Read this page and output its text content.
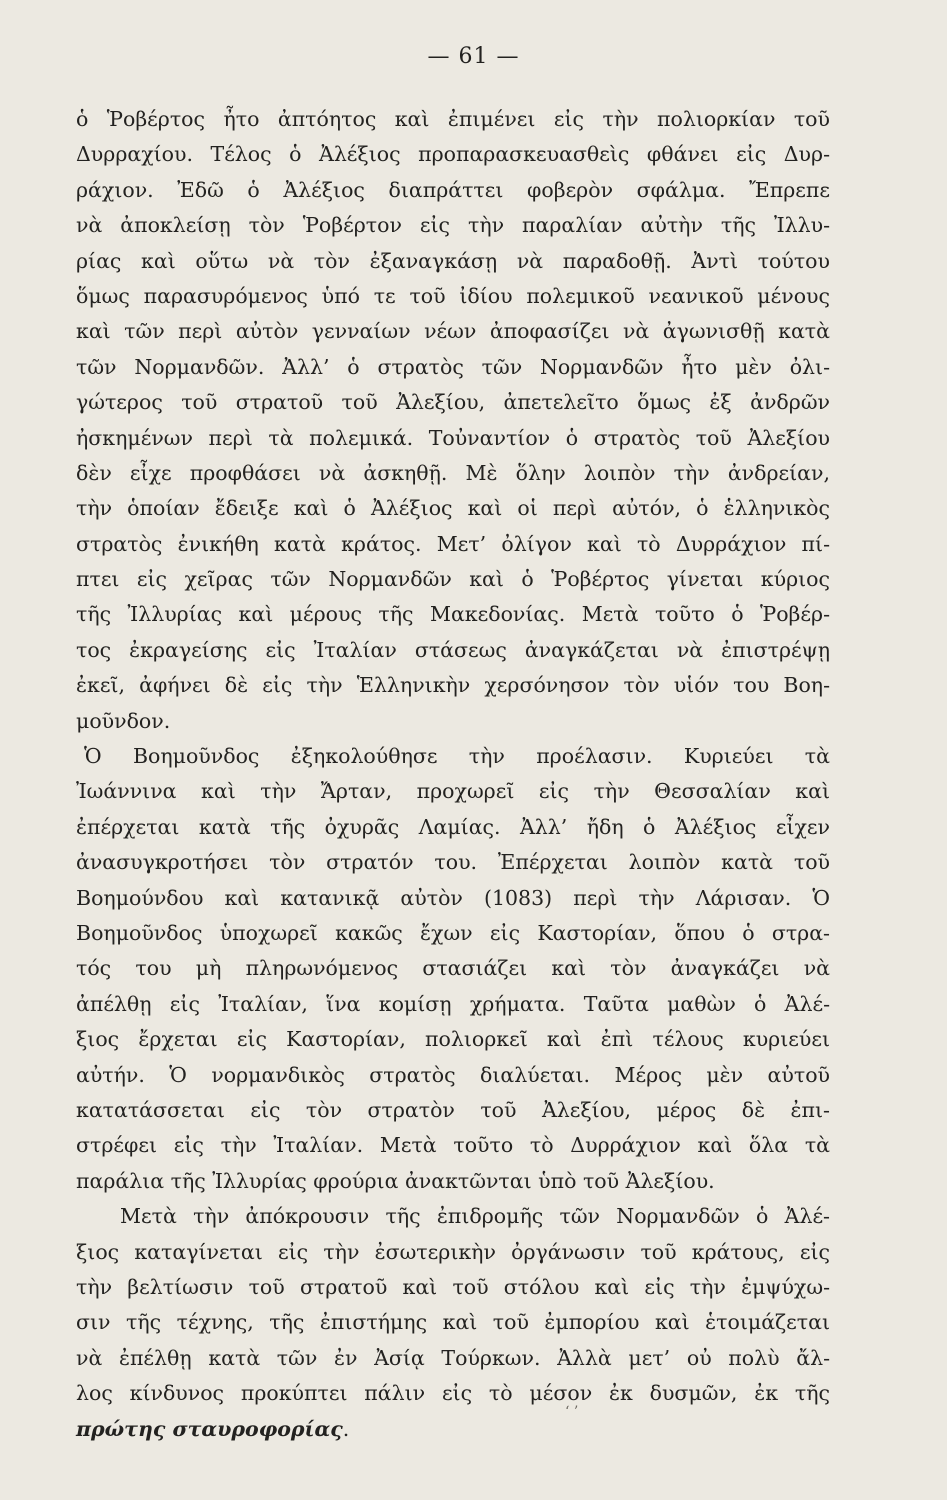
— 61 —
ὁ Ῥοβέρτος ἦτο ἀπτόητος καὶ ἐπιμένει εἰς τὴν πολιορκίαν τοῦ
Δυρραχίου. Τέλος ὁ Ἀλέξιος προπαρασκευασθεὶς φθάνει εἰς Δυρ-
ράχιον. Ἐδῶ ὁ Ἀλέξιος διαπράττει φοβερὸν σφάλμα. Ἔπρεπε
νὰ ἀποκλείσῃ τὸν Ῥοβέρτον εἰς τὴν παραλίαν αὐτὴν τῆς Ἰλλυ-
ρίας καὶ οὕτω νὰ τὸν ἐξαναγκάσῃ νὰ παραδοθῇ. Ἀντὶ τούτου
ὅμως παρασυρόμενος ὑπό τε τοῦ ἰδίου πολεμικοῦ νεανικοῦ μένους
καὶ τῶν περὶ αὐτὸν γενναίων νέων ἀποφασίζει νὰ ἀγωνισθῇ κατὰ
τῶν Νορμανδῶν. Ἀλλ’ ὁ στρατὸς τῶν Νορμανδῶν ἦτο μὲν ὀλι-
γώτερος τοῦ στρατοῦ τοῦ Ἀλεξίου, ἀπετελεῖτο ὅμως ἐξ ἀνδρῶν
ἠσκημένων περὶ τὰ πολεμικά. Τοὐναντίον ὁ στρατὸς τοῦ Ἀλεξίου
δὲν εἶχε προφθάσει νὰ ἀσκηθῇ. Μὲ ὅλην λοιπὸν τὴν ἀνδρείαν,
τὴν ὁποίαν ἔδειξε καὶ ὁ Ἀλέξιος καὶ οἱ περὶ αὐτόν, ὁ ἑλληνικὸς
στρατὸς ἐνικήθη κατὰ κράτος. Μετ’ ὀλίγον καὶ τὸ Δυρράχιον πί-
πτει εἰς χεῖρας τῶν Νορμανδῶν καὶ ὁ Ῥοβέρτος γίνεται κύριος
τῆς Ἰλλυρίας καὶ μέρους τῆς Μακεδονίας. Μετὰ τοῦτο ὁ Ῥοβέρ-
τος ἐκραγείσης εἰς Ἰταλίαν στάσεως ἀναγκάζεται νὰ ἐπιστρέψῃ
ἐκεῖ, ἀφήνει δὲ εἰς τὴν Ἑλληνικὴν χερσόνησον τὸν υἱόν του Βοη-
μοῦνδον.
Ὁ Βοημοῦνδος ἐξηκολούθησε τὴν προέλασιν. Κυριεύει τὰ
Ἰωάννινα καὶ τὴν Ἄρταν, προχωρεῖ εἰς τὴν Θεσσαλίαν καὶ
ἐπέρχεται κατὰ τῆς ὀχυρᾶς Λαμίας. Ἀλλ’ ἤδη ὁ Ἀλέξιος εἶχεν
ἀνασυγκροτήσει τὸν στρατόν του. Ἐπέρχεται λοιπὸν κατὰ τοῦ
Βοημούνδου καὶ κατανικᾷ αὐτὸν (1083) περὶ τὴν Λάρισαν. Ὁ
Βοημοῦνδος ὑποχωρεῖ κακῶς ἔχων εἰς Καστορίαν, ὅπου ὁ στρα-
τός του μὴ πληρωνόμενος στασιάζει καὶ τὸν ἀναγκάζει νὰ
ἀπέλθῃ εἰς Ἰταλίαν, ἵνα κομίσῃ χρήματα. Ταῦτα μαθὼν ὁ Ἀλέ-
ξιος ἔρχεται εἰς Καστορίαν, πολιορκεῖ καὶ ἐπὶ τέλους κυριεύει
αὐτήν. Ὁ νορμανδικὸς στρατὸς διαλύεται. Μέρος μὲν αὐτοῦ
κατατάσσεται εἰς τὸν στρατὸν τοῦ Ἀλεξίου, μέρος δὲ ἐπι-
στρέφει εἰς τὴν Ἰταλίαν. Μετὰ τοῦτο τὸ Δυρράχιον καὶ ὅλα τὰ
παράλια τῆς Ἰλλυρίας φρούρια ἀνακτῶνται ὑπὸ τοῦ Ἀλεξίου.
Μετὰ τὴν ἀπόκρουσιν τῆς ἐπιδρομῆς τῶν Νορμανδῶν ὁ Ἀλέ-
ξιος καταγίνεται εἰς τὴν ἐσωτερικὴν ὀργάνωσιν τοῦ κράτους, εἰς
τὴν βελτίωσιν τοῦ στρατοῦ καὶ τοῦ στόλου καὶ εἰς τὴν ἐμψύχω-
σιν τῆς τέχνης, τῆς ἐπιστήμης καὶ τοῦ ἐμπορίου καὶ ἑτοιμάζεται
νὰ ἐπέλθῃ κατὰ τῶν ἐν Ἀσίᾳ Τούρκων. Ἀλλὰ μετ’ οὐ πολὺ ἄλ-
λος κίνδυνος προκύπτει πάλιν εἰς τὸ μέσον ἐκ δυσμῶν, ἐκ τῆς
πρώτης σταυροφορίας.
‘ ’
